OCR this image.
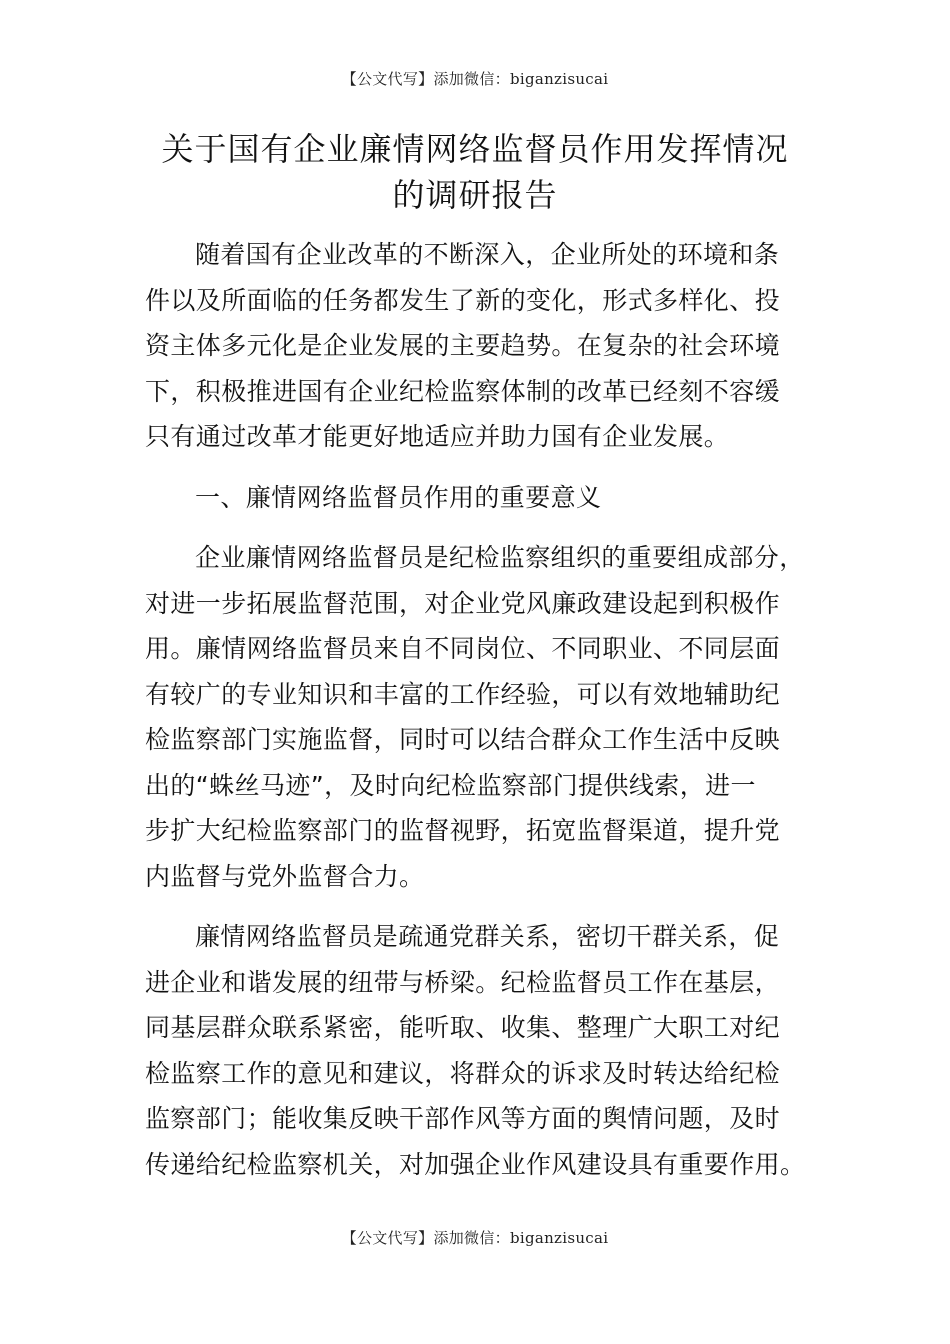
【公文代写】添加微信：biganzisucai
关于国有企业廉情网络监督员作用发挥情况
的调研报告
随着国有企业改革的不断深入，企业所处的环境和条
件以及所面临的任务都发生了新的变化，形式多样化、投
资主体多元化是企业发展的主要趋势。在复杂的社会环境
下，积极推进国有企业纪检监察体制的改革已经刻不容缓
只有通过改革才能更好地适应并助力国有企业发展。
一、廉情网络监督员作用的重要意义
企业廉情网络监督员是纪检监察组织的重要组成部分，
对进一步拓展监督范围，对企业党风廉政建设起到积极作
用。廉情网络监督员来自不同岗位、不同职业、不同层面
有较广的专业知识和丰富的工作经验，可以有效地辅助纪
检监察部门实施监督，同时可以结合群众工作生活中反映
出的“蛛丝马迹”，及时向纪检监察部门提供线索，进一
步扩大纪检监察部门的监督视野，拓宽监督渠道，提升党
内监督与党外监督合力。
廉情网络监督员是疏通党群关系，密切干群关系，促
进企业和谐发展的纽带与桥梁。纪检监督员工作在基层，
同基层群众联系紧密，能听取、收集、整理广大职工对纪
检监察工作的意见和建议，将群众的诉求及时转达给纪检
监察部门；能收集反映干部作风等方面的舆情问题，及时
传递给纪检监察机关，对加强企业作风建设具有重要作用。
【公文代写】添加微信：biganzisucai
